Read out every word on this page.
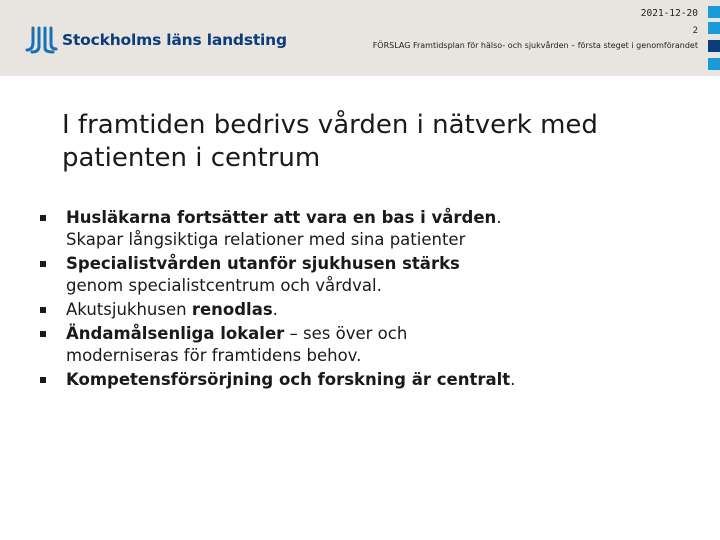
Stockholms läns landsting
2021-12-20
2
FÖRSLAG Framtidsplan för hälso- och sjukvården – första steget i genomförandet
I framtiden bedrivs vården i nätverk med patienten i centrum
Husläkarna fortsätter att vara en bas i vården. Skapar långsiktiga relationer med sina patienter
Specialistvården utanför sjukhusen stärks genom specialistcentrum och vårdval.
Akutsjukhusen renodlas.
Ändamålsenliga lokaler – ses över och moderniseras för framtidens behov.
Kompetensförsörjning och forskning är centralt.
